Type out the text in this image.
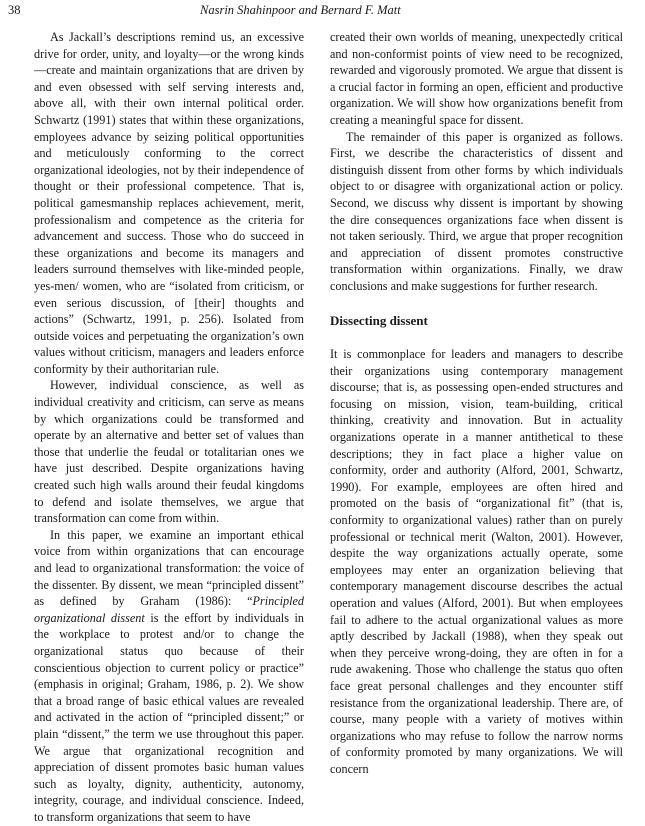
38	Nasrin Shahinpoor and Bernard F. Matt

As Jackall’s descriptions remind us, an excessive drive for order, unity, and loyalty—or the wrong kinds—create and maintain organizations that are driven by and even obsessed with self serving interests and, above all, with their own internal political order. Schwartz (1991) states that within these organizations, employees advance by seizing political opportunities and meticulously conforming to the correct organizational ideologies, not by their independence of thought or their professional competence. That is, political gamesmanship replaces achievement, merit, professionalism and competence as the criteria for advancement and success. Those who do succeed in these organizations and become its managers and leaders surround themselves with like-minded people, yes-men/ women, who are “isolated from criticism, or even serious discussion, of [their] thoughts and actions” (Schwartz, 1991, p. 256). Isolated from outside voices and perpetuating the organization’s own values without criticism, managers and leaders enforce conformity by their authoritarian rule.

However, individual conscience, as well as individual creativity and criticism, can serve as means by which organizations could be transformed and operate by an alternative and better set of values than those that underlie the feudal or totalitarian ones we have just described. Despite organizations having created such high walls around their feudal kingdoms to defend and isolate themselves, we argue that transformation can come from within.

In this paper, we examine an important ethical voice from within organizations that can encourage and lead to organizational transformation: the voice of the dissenter. By dissent, we mean “principled dissent” as defined by Graham (1986): “Principled organizational dissent is the effort by individuals in the workplace to protest and/or to change the organizational status quo because of their conscientious objection to current policy or practice” (emphasis in original; Graham, 1986, p. 2). We show that a broad range of basic ethical values are revealed and activated in the action of “principled dissent;” or plain “dissent,” the term we use throughout this paper. We argue that organizational recognition and appreciation of dissent promotes basic human values such as loyalty, dignity, authenticity, autonomy, integrity, courage, and individual conscience. Indeed, to transform organizations that seem to have

created their own worlds of meaning, unexpectedly critical and non-conformist points of view need to be recognized, rewarded and vigorously promoted. We argue that dissent is a crucial factor in forming an open, efficient and productive organization. We will show how organizations benefit from creating a meaningful space for dissent.

The remainder of this paper is organized as follows. First, we describe the characteristics of dissent and distinguish dissent from other forms by which individuals object to or disagree with organizational action or policy. Second, we discuss why dissent is important by showing the dire consequences organizations face when dissent is not taken seriously. Third, we argue that proper recognition and appreciation of dissent promotes constructive transformation within organizations. Finally, we draw conclusions and make suggestions for further research.

Dissecting dissent

It is commonplace for leaders and managers to describe their organizations using contemporary management discourse; that is, as possessing open-ended structures and focusing on mission, vision, team-building, critical thinking, creativity and innovation. But in actuality organizations operate in a manner antithetical to these descriptions; they in fact place a higher value on conformity, order and authority (Alford, 2001, Schwartz, 1990). For example, employees are often hired and promoted on the basis of “organizational fit” (that is, conformity to organizational values) rather than on purely professional or technical merit (Walton, 2001). However, despite the way organizations actually operate, some employees may enter an organization believing that contemporary management discourse describes the actual operation and values (Alford, 2001). But when employees fail to adhere to the actual organizational values as more aptly described by Jackall (1988), when they speak out when they perceive wrong-doing, they are often in for a rude awakening. Those who challenge the status quo often face great personal challenges and they encounter stiff resistance from the organizational leadership. There are, of course, many people with a variety of motives within organizations who may refuse to follow the narrow norms of conformity promoted by many organizations. We will concern
